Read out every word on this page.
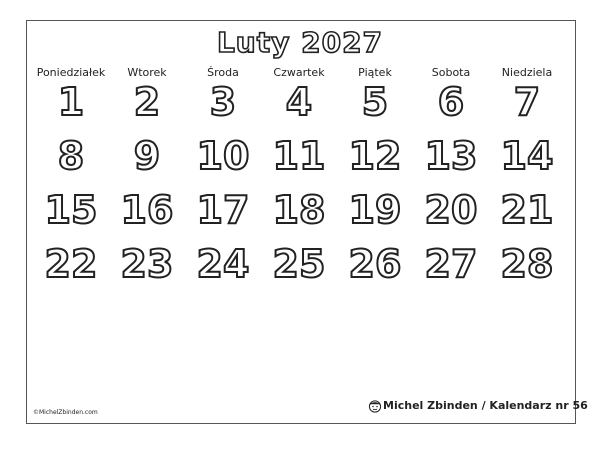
Luty 2027
Poniedziałek	Wtorek	Środa	Czwartek	Piątek	Sobota	Niedziela
1	2	3	4	5	6	7
8	9 10 11 12 13 14
15 16 17 18 19 20 21
22 23 24 25 26 27 28
©MichelZbinden.com
Michel Zbinden / Kalendarz nr 56
